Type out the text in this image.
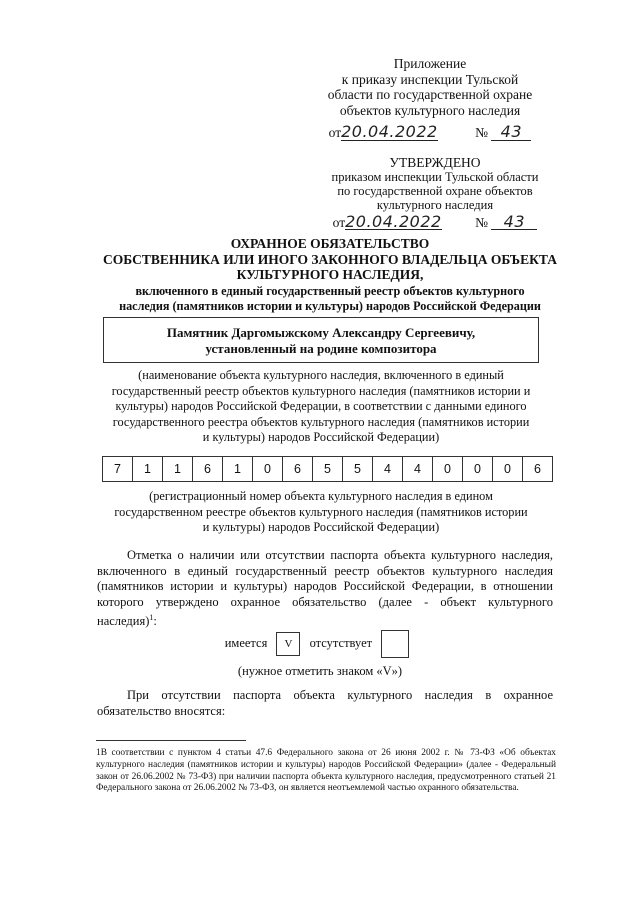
Приложение
к приказу инспекции Тульской
области по государственной охране
объектов культурного наследия
от20.04.2022	№ 43
УТВЕРЖДЕНО
приказом инспекции Тульской области
по государственной охране объектов
культурного наследия
от20.04.2022 № 43
ОХРАННОЕ ОБЯЗАТЕЛЬСТВО
СОБСТВЕННИКА ИЛИ ИНОГО ЗАКОННОГО ВЛАДЕЛЬЦА ОБЪЕКТА
КУЛЬТУРНОГО НАСЛЕДИЯ,
включенного в единый государственный реестр объектов культурного
наследия (памятников истории и культуры) народов Российской Федерации
Памятник Даргомыжскому Александру Сергеевичу,
установленный на родине композитора
(наименование объекта культурного наследия, включенного в единый
государственный реестр объектов культурного наследия (памятников истории и
культуры) народов Российской Федерации, в соответствии с данными единого
государственного реестра объектов культурного наследия (памятников истории
и культуры) народов Российской Федерации)
7	1	1	6	1	0	6	5	5	4	4	0	0	0	6
(регистрационный номер объекта культурного наследия в едином
государственном реестре объектов культурного наследия (памятников истории
и культуры) народов Российской Федерации)
Отметка о наличии или отсутствии паспорта объекта культурного наследия, включенного в единый государственный реестр объектов культурного наследия (памятников истории и культуры) народов Российской Федерации, в отношении которого утверждено охранное обязательство (далее - объект культурного наследия)$^1$:
имеется V отсутствует
(нужное отметить знаком «V»)
При отсутствии паспорта объекта культурного наследия в охранное обязательство вносятся:
1В соответствии с пунктом 4 статьи 47.6 Федерального закона от 26 июня 2002 г. № 73-ФЗ «Об объектах культурного наследия (памятников истории и культуры) народов Российской Федерации» (далее - Федеральный закон от 26.06.2002 № 73-ФЗ) при наличии паспорта объекта культурного наследия, предусмотренного статьей 21 Федерального закона от 26.06.2002 № 73-ФЗ, он является неотъемлемой частью охранного обязательства.
